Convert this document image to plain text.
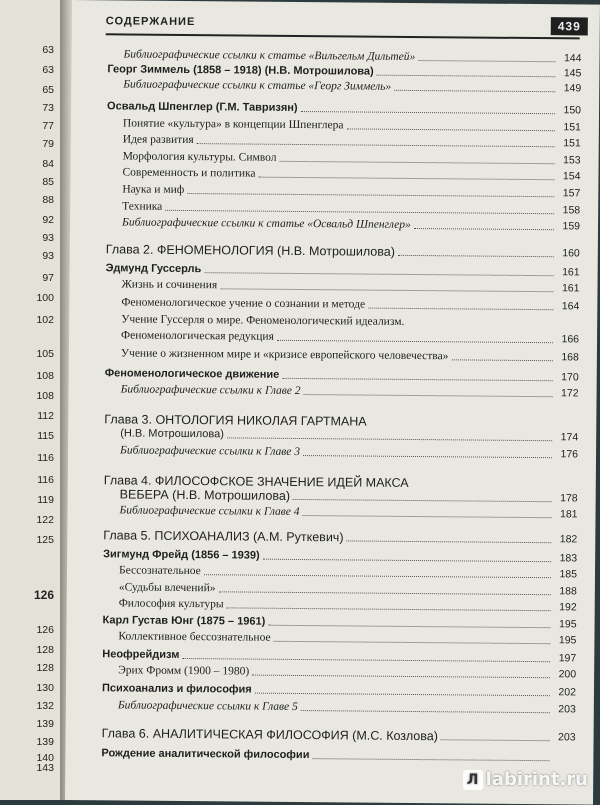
63
63
65
73
77
79
84
85
88
92
93
93
97
100
102
105
108
108
112
115
116
116
119
122
125
126
126
128
128
130
132
139
139
140
143
СОДЕРЖАНИЕ	439
Библиографические ссылки к статье «Вильгельм Дильтей»	144
Георг Зиммель (1858 – 1918) (Н.В. Мотрошилова)	145
Библиографические ссылки к статье «Георг Зиммель»	149
Освальд Шпенглер (Г.М. Тавризян)	150
Понятие «культура» в концепции Шпенглера	151
Идея развития	151
Морфология культуры. Символ	153
Современность и политика	154
Наука и миф	157
Техника	158
Библиографические ссылки к статье «Освальд Шпенглер»	159
Глава 2. ФЕНОМЕНОЛОГИЯ (Н.В. Мотрошилова)	160
Эдмунд Гуссерль	161
Жизнь и сочинения	161
Феноменологическое учение о сознании и методе	164
Учение Гуссерля о мире. Феноменологический идеализм.
Феноменологическая редукция	166
Учение о жизненном мире и «кризисе европейского человечества»	168
Феноменологическое движение	170
Библиографические ссылки к Главе 2	172
Глава 3. ОНТОЛОГИЯ НИКОЛАЯ ГАРТМАНА
(Н.В. Мотрошилова)	174
Библиографические ссылки к Главе 3	176
Глава 4. ФИЛОСОФСКОЕ ЗНАЧЕНИЕ ИДЕЙ МАКСА
ВЕБЕРА (Н.В. Мотрошилова)	178
Библиографические ссылки к Главе 4	181
Глава 5. ПСИХОАНАЛИЗ (А.М. Руткевич)	182
Зигмунд Фрейд (1856 – 1939)	183
Бессознательное	185
«Судьбы влечений»	188
Философия культуры	192
Карл Густав Юнг (1875 – 1961)	195
Коллективное бессознательное	195
Неофрейдизм	197
Эрих Фромм (1900 – 1980)	200
Психоанализ и философия	202
Библиографические ссылки к Главе 5	203
Глава 6. АНАЛИТИЧЕСКАЯ ФИЛОСОФИЯ (М.С. Козлова)	203
Рождение аналитической философии
Л labirint.ru
